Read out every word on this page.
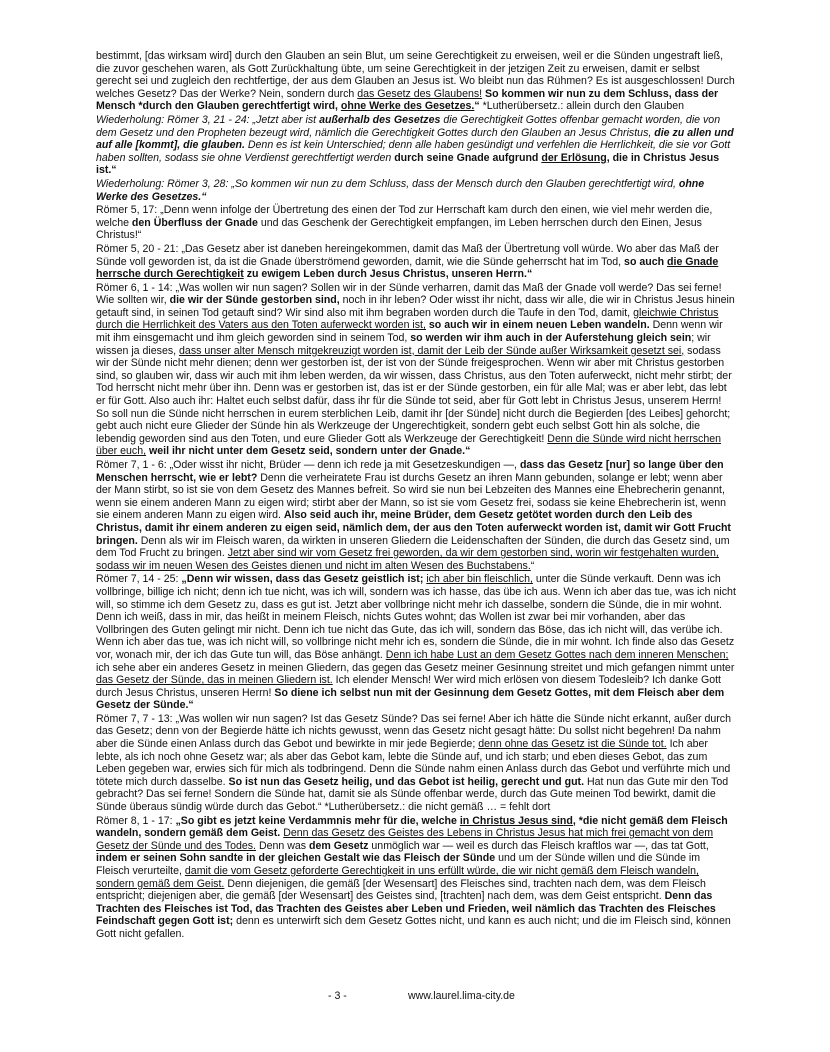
bestimmt, [das wirksam wird] durch den Glauben an sein Blut, um seine Gerechtigkeit zu erweisen, weil er die Sünden ungestraft ließ, die zuvor geschehen waren, als Gott Zurückhaltung übte, um seine Gerechtigkeit in der jetzigen Zeit zu erweisen, damit er selbst gerecht sei und zugleich den rechtfertige, der aus dem Glauben an Jesus ist. Wo bleibt nun das Rühmen? Es ist ausgeschlossen! Durch welches Gesetz? Das der Werke? Nein, sondern durch das Gesetz des Glaubens! So kommen wir nun zu dem Schluss, dass der Mensch *durch den Glauben gerechtfertigt wird, ohne Werke des Gesetzes.“ *Lutherübersetz.: allein durch den Glauben

Wiederholung: Römer 3, 21 - 24: „Jetzt aber ist außerhalb des Gesetzes die Gerechtigkeit Gottes offenbar gemacht worden, die von dem Gesetz und den Propheten bezeugt wird, nämlich die Gerechtigkeit Gottes durch den Glauben an Jesus Christus, die zu allen und auf alle [kommt], die glauben. Denn es ist kein Unterschied; denn alle haben gesündigt und verfehlen die Herrlichkeit, die sie vor Gott haben sollten, sodass sie ohne Verdienst gerechtfertigt werden durch seine Gnade aufgrund der Erlösung, die in Christus Jesus ist.“

Wiederholung: Römer 3, 28: „So kommen wir nun zu dem Schluss, dass der Mensch durch den Glauben gerechtfertigt wird, ohne Werke des Gesetzes.“

Römer 5, 17: „Denn wenn infolge der Übertretung des einen der Tod zur Herrschaft kam durch den einen, wie viel mehr werden die, welche den Überfluss der Gnade und das Geschenk der Gerechtigkeit empfangen, im Leben herrschen durch den Einen, Jesus Christus!“

Römer 5, 20 - 21: „Das Gesetz aber ist daneben hereingekommen, damit das Maß der Übertretung voll würde. Wo aber das Maß der Sünde voll geworden ist, da ist die Gnade überströmend geworden, damit, wie die Sünde geherrscht hat im Tod, so auch die Gnade herrsche durch Gerechtigkeit zu ewigem Leben durch Jesus Christus, unseren Herrn.“

Römer 6, 1 - 14: „Was wollen wir nun sagen? Sollen wir in der Sünde verharren, damit das Maß der Gnade voll werde? Das sei ferne! Wie sollten wir, die wir der Sünde gestorben sind, noch in ihr leben? Oder wisst ihr nicht, dass wir alle, die wir in Christus Jesus hinein getauft sind, in seinen Tod getauft sind? Wir sind also mit ihm begraben worden durch die Taufe in den Tod, damit, gleichwie Christus durch die Herrlichkeit des Vaters aus den Toten auferweckt worden ist, so auch wir in einem neuen Leben wandeln. Denn wenn wir mit ihm einsgemacht und ihm gleich geworden sind in seinem Tod, so werden wir ihm auch in der Auferstehung gleich sein; wir wissen ja dieses, dass unser alter Mensch mitgekreuzigt worden ist, damit der Leib der Sünde außer Wirksamkeit gesetzt sei, sodass wir der Sünde nicht mehr dienen; denn wer gestorben ist, der ist von der Sünde freigesprochen. Wenn wir aber mit Christus gestorben sind, so glauben wir, dass wir auch mit ihm leben werden, da wir wissen, dass Christus, aus den Toten auferweckt, nicht mehr stirbt; der Tod herrscht nicht mehr über ihn. Denn was er gestorben ist, das ist er der Sünde gestorben, ein für alle Mal; was er aber lebt, das lebt er für Gott. Also auch ihr: Haltet euch selbst dafür, dass ihr für die Sünde tot seid, aber für Gott lebt in Christus Jesus, unserem Herrn! So soll nun die Sünde nicht herrschen in eurem sterblichen Leib, damit ihr [der Sünde] nicht durch die Begierden [des Leibes] gehorcht; gebt auch nicht eure Glieder der Sünde hin als Werkzeuge der Ungerechtigkeit, sondern gebt euch selbst Gott hin als solche, die lebendig geworden sind aus den Toten, und eure Glieder Gott als Werkzeuge der Gerechtigkeit! Denn die Sünde wird nicht herrschen über euch, weil ihr nicht unter dem Gesetz seid, sondern unter der Gnade.“

Römer 7, 1 - 6: „Oder wisst ihr nicht, Brüder — denn ich rede ja mit Gesetzeskundigen —, dass das Gesetz [nur] so lange über den Menschen herrscht, wie er lebt? Denn die verheiratete Frau ist durchs Gesetz an ihren Mann gebunden, solange er lebt; wenn aber der Mann stirbt, so ist sie von dem Gesetz des Mannes befreit. So wird sie nun bei Lebzeiten des Mannes eine Ehebrecherin genannt, wenn sie einem anderen Mann zu eigen wird; stirbt aber der Mann, so ist sie vom Gesetz frei, sodass sie keine Ehebrecherin ist, wenn sie einem anderen Mann zu eigen wird. Also seid auch ihr, meine Brüder, dem Gesetz getötet worden durch den Leib des Christus, damit ihr einem anderen zu eigen seid, nämlich dem, der aus den Toten auferweckt worden ist, damit wir Gott Frucht bringen. Denn als wir im Fleisch waren, da wirkten in unseren Gliedern die Leidenschaften der Sünden, die durch das Gesetz sind, um dem Tod Frucht zu bringen. Jetzt aber sind wir vom Gesetz frei geworden, da wir dem gestorben sind, worin wir festgehalten wurden, sodass wir im neuen Wesen des Geistes dienen und nicht im alten Wesen des Buchstabens.“

Römer 7, 14 - 25: „Denn wir wissen, dass das Gesetz geistlich ist; ich aber bin fleischlich, unter die Sünde verkauft. Denn was ich vollbringe, billige ich nicht; denn ich tue nicht, was ich will, sondern was ich hasse, das übe ich aus. Wenn ich aber das tue, was ich nicht will, so stimme ich dem Gesetz zu, dass es gut ist. Jetzt aber vollbringe nicht mehr ich dasselbe, sondern die Sünde, die in mir wohnt. Denn ich weiß, dass in mir, das heißt in meinem Fleisch, nichts Gutes wohnt; das Wollen ist zwar bei mir vorhanden, aber das Vollbringen des Guten gelingt mir nicht. Denn ich tue nicht das Gute, das ich will, sondern das Böse, das ich nicht will, das verübe ich. Wenn ich aber das tue, was ich nicht will, so vollbringe nicht mehr ich es, sondern die Sünde, die in mir wohnt. Ich finde also das Gesetz vor, wonach mir, der ich das Gute tun will, das Böse anhängt. Denn ich habe Lust an dem Gesetz Gottes nach dem inneren Menschen; ich sehe aber ein anderes Gesetz in meinen Gliedern, das gegen das Gesetz meiner Gesinnung streitet und mich gefangen nimmt unter das Gesetz der Sünde, das in meinen Gliedern ist. Ich elender Mensch! Wer wird mich erlösen von diesem Todesleib? Ich danke Gott durch Jesus Christus, unseren Herrn! So diene ich selbst nun mit der Gesinnung dem Gesetz Gottes, mit dem Fleisch aber dem Gesetz der Sünde.“

Römer 7, 7 - 13: „Was wollen wir nun sagen? Ist das Gesetz Sünde? Das sei ferne! Aber ich hätte die Sünde nicht erkannt, außer durch das Gesetz; denn von der Begierde hätte ich nichts gewusst, wenn das Gesetz nicht gesagt hätte: Du sollst nicht begehren! Da nahm aber die Sünde einen Anlass durch das Gebot und bewirkte in mir jede Begierde; denn ohne das Gesetz ist die Sünde tot. Ich aber lebte, als ich noch ohne Gesetz war; als aber das Gebot kam, lebte die Sünde auf, und ich starb; und eben dieses Gebot, das zum Leben gegeben war, erwies sich für mich als todbringend. Denn die Sünde nahm einen Anlass durch das Gebot und verführte mich und tötete mich durch dasselbe. So ist nun das Gesetz heilig, und das Gebot ist heilig, gerecht und gut. Hat nun das Gute mir den Tod gebracht? Das sei ferne! Sondern die Sünde hat, damit sie als Sünde offenbar werde, durch das Gute meinen Tod bewirkt, damit die Sünde überaus sündig würde durch das Gebot.“ *Lutherübersetz.: die nicht gemäß … = fehlt dort

Römer 8, 1 - 17: „So gibt es jetzt keine Verdammnis mehr für die, welche in Christus Jesus sind, *die nicht gemäß dem Fleisch wandeln, sondern gemäß dem Geist. Denn das Gesetz des Geistes des Lebens in Christus Jesus hat mich frei gemacht von dem Gesetz der Sünde und des Todes. Denn was dem Gesetz unmöglich war — weil es durch das Fleisch kraftlos war —, das tat Gott, indem er seinen Sohn sandte in der gleichen Gestalt wie das Fleisch der Sünde und um der Sünde willen und die Sünde im Fleisch verurteilte, damit die vom Gesetz geforderte Gerechtigkeit in uns erfüllt würde, die wir nicht gemäß dem Fleisch wandeln, sondern gemäß dem Geist. Denn diejenigen, die gemäß [der Wesensart] des Fleisches sind, trachten nach dem, was dem Fleisch entspricht; diejenigen aber, die gemäß [der Wesensart] des Geistes sind, [trachten] nach dem, was dem Geist entspricht. Denn das Trachten des Fleisches ist Tod, das Trachten des Geistes aber Leben und Frieden, weil nämlich das Trachten des Fleisches Feindschaft gegen Gott ist; denn es unterwirft sich dem Gesetz Gottes nicht, und kann es auch nicht; und die im Fleisch sind, können Gott nicht gefallen.

- 3 -	www.laurel.lima-city.de
